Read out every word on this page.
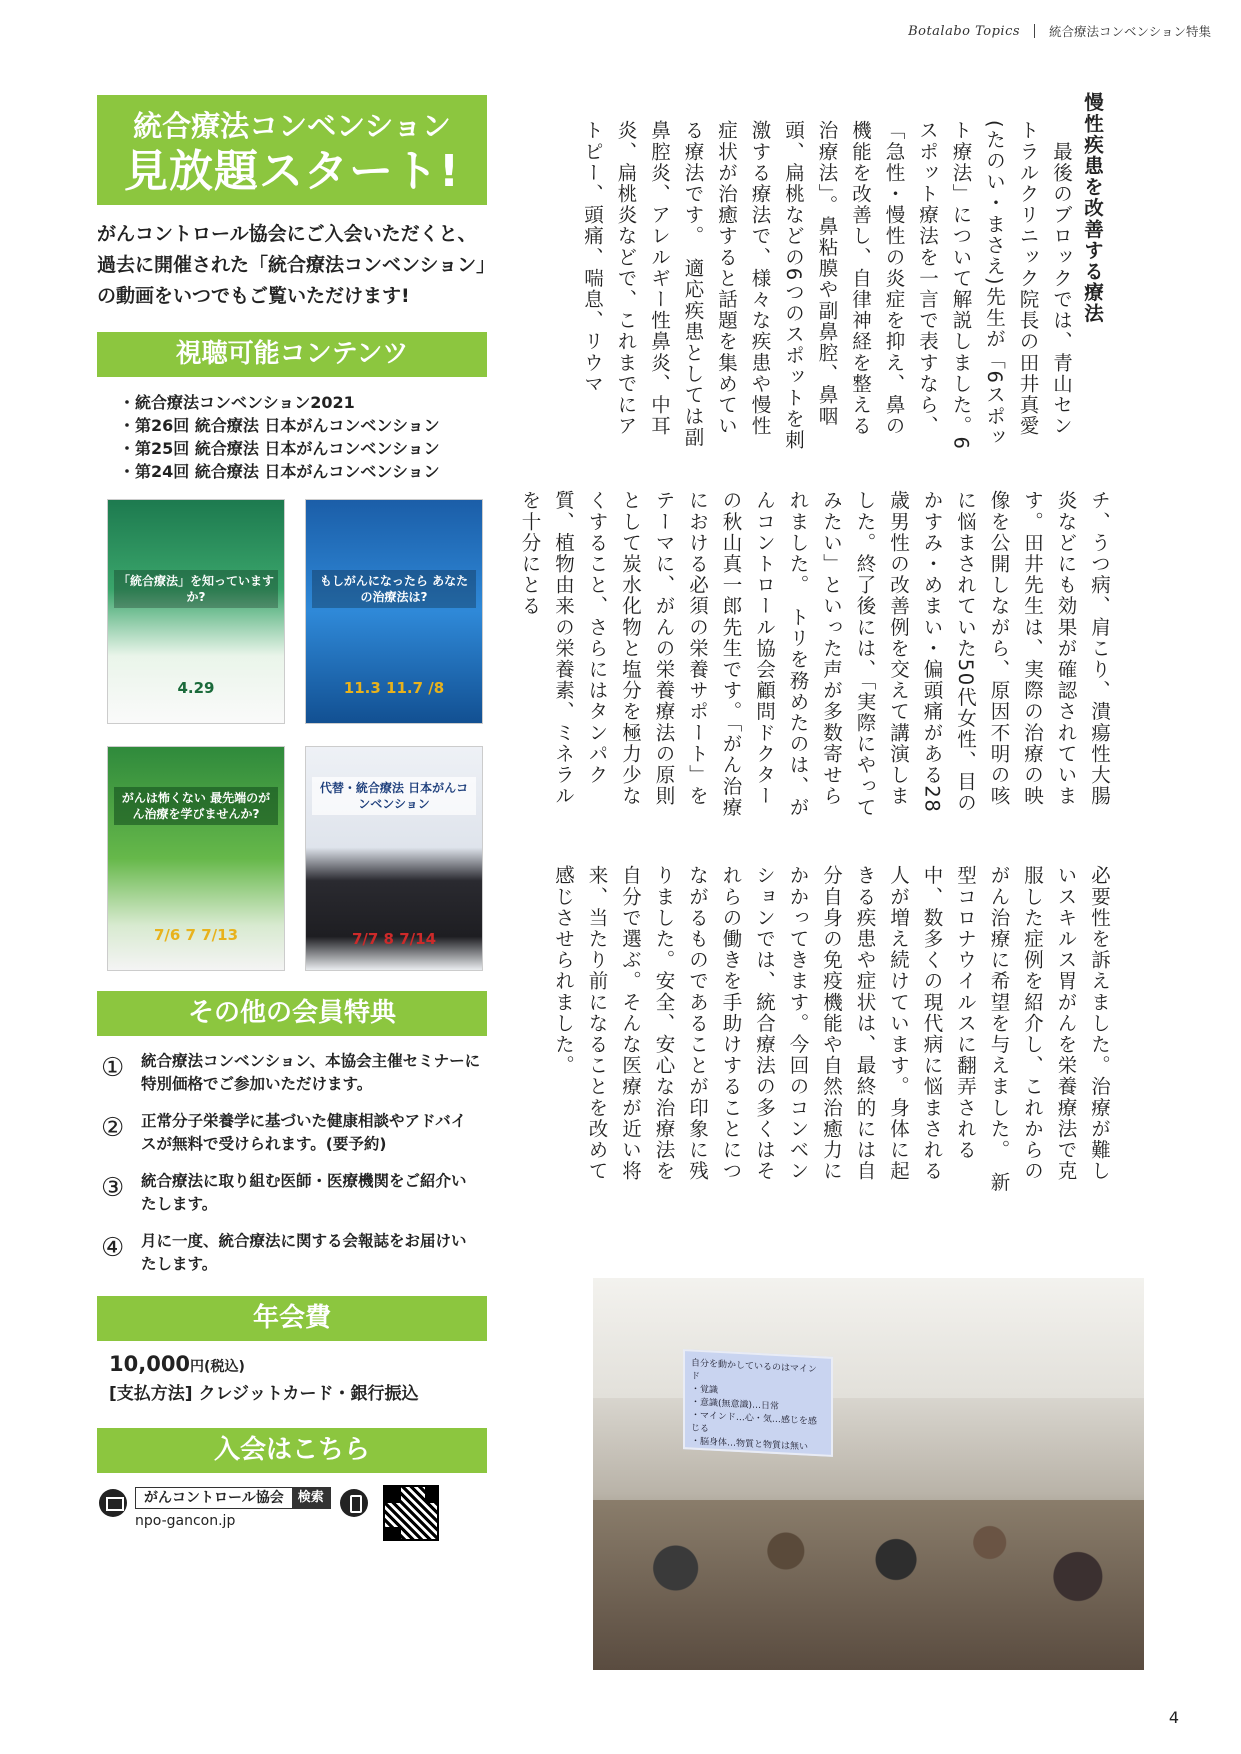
Botalabo Topics 統合療法コンベンション特集
統合療法コンベンション
見放題スタート!

がんコントロール協会にご入会いただくと、過去に開催された「統合療法コンベンション」の動画をいつでもご覧いただけます!

視聴可能コンテンツ
・統合療法コンベンション2021
・第26回 統合療法 日本がんコンベンション
・第25回 統合療法 日本がんコンベンション
・第24回 統合療法 日本がんコンベンション
「統合療法」を知っていますか?
4.29
もしがんになったら あなたの治療法は?
11.3 11.7 /8
がんは怖くない 最先端のがん治療を学びませんか?
7/6 7 7/13
代替・統合療法 日本がんコンベンション
7/7 8 7/14
その他の会員特典
①	統合療法コンベンション、本協会主催セミナーに特別価格でご参加いただけます。
②	正常分子栄養学に基づいた健康相談やアドバイスが無料で受けられます。(要予約)
③	統合療法に取り組む医師・医療機関をご紹介いたします。
④	月に一度、統合療法に関する会報誌をお届けいたします。
年会費
10,000円(税込)
[支払方法] クレジットカード・銀行振込
入会はこちら
がんコントロール協会	検索
npo-gancon.jp
慢性疾患を改善する療法
　最後のブロックでは、青山セントラルクリニック院長の田井真愛(たのい・まさえ)先生が「6スポット療法」について解説しました。6スポット療法を一言で表すなら、「急性・慢性の炎症を抑え、鼻の機能を改善し、自律神経を整える治療法」。鼻粘膜や副鼻腔、鼻咽頭、扁桃などの6つのスポットを刺激する療法で、様々な疾患や慢性症状が治癒すると話題を集めている療法です。　適応疾患としては副鼻腔炎、アレルギー性鼻炎、中耳炎、扁桃炎などで、これまでにアトピー、頭痛、喘息、リウマ
チ、うつ病、肩こり、潰瘍性大腸炎などにも効果が確認されています。田井先生は、実際の治療の映像を公開しながら、原因不明の咳に悩まされていた50代女性、目のかすみ・めまい・偏頭痛がある28歳男性の改善例を交えて講演しました。終了後には、「実際にやってみたい」といった声が多数寄せられました。　トリを務めたのは、がんコントロール協会顧問ドクターの秋山真一郎先生です。「がん治療における必須の栄養サポート」をテーマに、がんの栄養療法の原則として炭水化物と塩分を極力少なくすること、さらにはタンパク質、植物由来の栄養素、ミネラルを十分にとる
必要性を訴えました。治療が難しいスキルス胃がんを栄養療法で克服した症例を紹介し、これからのがん治療に希望を与えました。　新型コロナウイルスに翻弄される中、数多くの現代病に悩まされる人が増え続けています。身体に起きる疾患や症状は、最終的には自分自身の免疫機能や自然治癒力にかかってきます。今回のコンベンションでは、統合療法の多くはそれらの働きを手助けすることにつながるものであることが印象に残りました。安全、安心な治療法を自分で選ぶ。そんな医療が近い将来、当たり前になることを改めて感じさせられました。
自分を動かしているのはマインド
・覚識
・意識(無意識)…日常
・マインド…心・気…感じを感じる
・脳身体…物質と物質は無い
4
